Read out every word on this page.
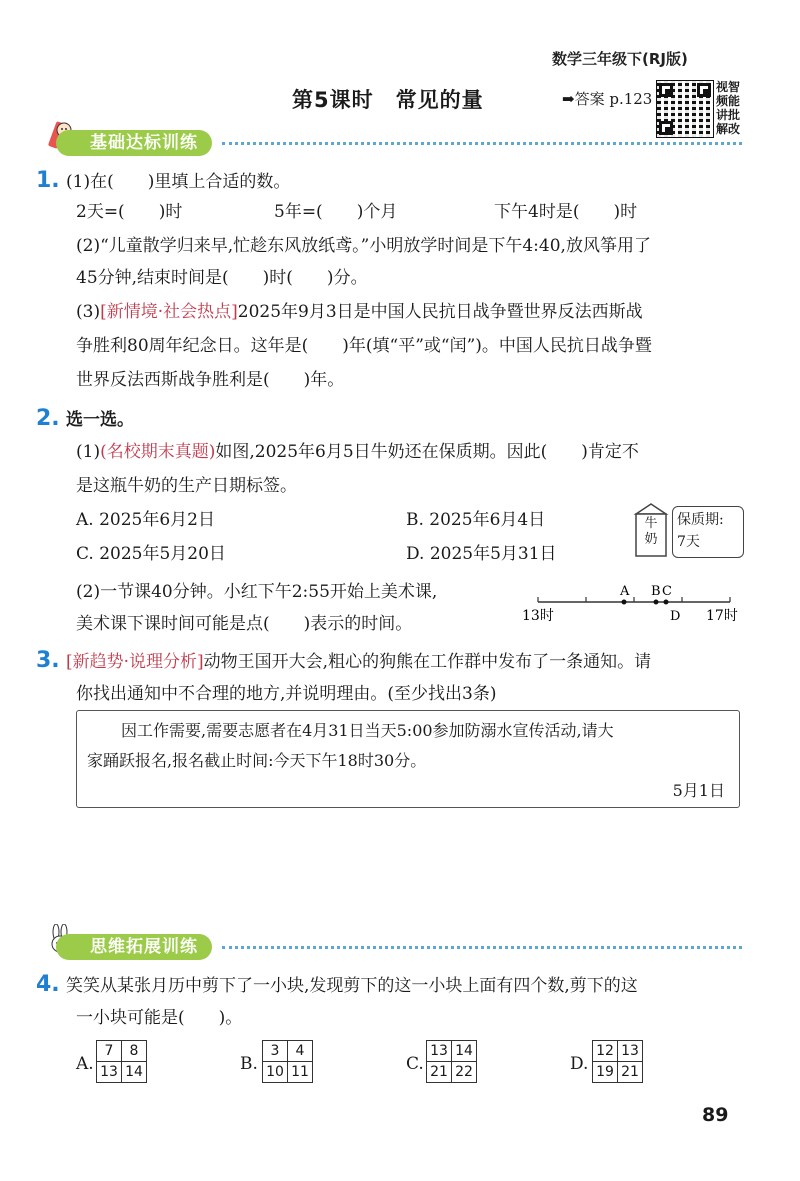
数学三年级下(RJ版)
第5课时　常见的量	➡答案 p.123
视智频能讲批解改
基础达标训练
1. (1)在(　　)里填上合适的数。
2天=(　　)时	5年=(　　)个月	下午4时是(　　)时
(2)“儿童散学归来早,忙趁东风放纸鸢。”小明放学时间是下午4:40,放风筝用了
45分钟,结束时间是(　　)时(　　)分。
(3)[新情境·社会热点]2025年9月3日是中国人民抗日战争暨世界反法西斯战
争胜利80周年纪念日。这年是(　　)年(填“平”或“闰”)。中国人民抗日战争暨
世界反法西斯战争胜利是(　　)年。
2. 选一选。
(1)(名校期末真题)如图,2025年6月5日牛奶还在保质期。因此(　　)肯定不
是这瓶牛奶的生产日期标签。
A. 2025年6月2日	B. 2025年6月4日
C. 2025年5月20日	D. 2025年5月31日
牛奶
保质期:
7天
(2)一节课40分钟。小红下午2:55开始上美术课,
美术课下课时间可能是点(　　)表示的时间。
A B C
D
13时	17时
3. [新趋势·说理分析]动物王国开大会,粗心的狗熊在工作群中发布了一条通知。请
你找出通知中不合理的地方,并说明理由。(至少找出3条)
因工作需要,需要志愿者在4月31日当天5:00参加防溺水宣传活动,请大
家踊跃报名,报名截止时间:今天下午18时30分。
5月1日
思维拓展训练
4. 笑笑从某张月历中剪下了一小块,发现剪下的这一小块上面有四个数,剪下的这
一小块可能是(　　)。
A.
7	8
13	14	B.
3	4
10	11	C.
13	14
21	22	D.
12	13
19	21
89
